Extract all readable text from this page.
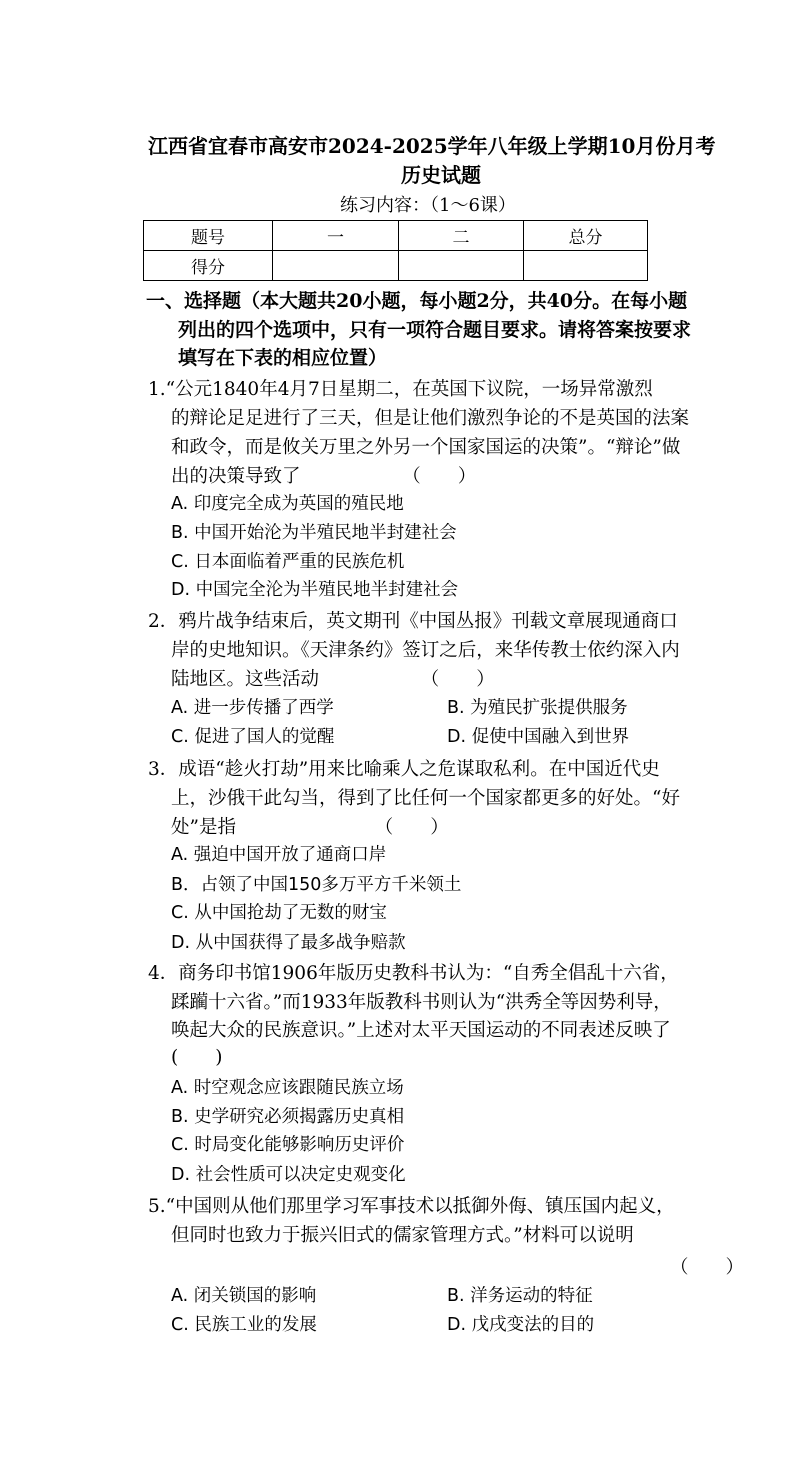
江西省宜春市高安市2024-2025学年八年级上学期10月份月考
历史试题
练习内容：（1～6课）
题号	一	二	总分
得分			
一、选择题（本大题共20小题，每小题2分，共40分。在每小题
列出的四个选项中，只有一项符合题目要求。请将答案按要求
填写在下表的相应位置）
1.“公元1840年4月7日星期二，在英国下议院，一场异常激烈
的辩论足足进行了三天，但是让他们激烈争论的不是英国的法案
和政令，而是攸关万里之外另一个国家国运的决策”。“辩论”做
出的决策导致了　　　　　　（　　）
A. 印度完全成为英国的殖民地
B. 中国开始沦为半殖民地半封建社会
C. 日本面临着严重的民族危机
D. 中国完全沦为半殖民地半封建社会
2．鸦片战争结束后，英文期刊《中国丛报》刊载文章展现通商口
岸的史地知识。《天津条约》签订之后，来华传教士依约深入内
陆地区。这些活动　　　　　　（　　）
A. 进一步传播了西学	B. 为殖民扩张提供服务
C. 促进了国人的觉醒	D. 促使中国融入到世界
3．成语“趁火打劫”用来比喻乘人之危谋取私利。在中国近代史
上，沙俄干此勾当，得到了比任何一个国家都更多的好处。“好
处”是指　　　　　　　　（　　）
A. 强迫中国开放了通商口岸
B．占领了中国150多万平方千米领土
C. 从中国抢劫了无数的财宝
D. 从中国获得了最多战争赔款
4．商务印书馆1906年版历史教科书认为：“自秀全倡乱十六省，
蹂躏十六省。”而1933年版教科书则认为“洪秀全等因势利导，
唤起大众的民族意识。”上述对太平天国运动的不同表述反映了
(　　)
A. 时空观念应该跟随民族立场
B. 史学研究必须揭露历史真相
C. 时局变化能够影响历史评价
D. 社会性质可以决定史观变化
5.“中国则从他们那里学习军事技术以抵御外侮、镇压国内起义，
但同时也致力于振兴旧式的儒家管理方式。”材料可以说明
（　　）
A. 闭关锁国的影响	B. 洋务运动的特征
C. 民族工业的发展	D. 戊戌变法的目的
